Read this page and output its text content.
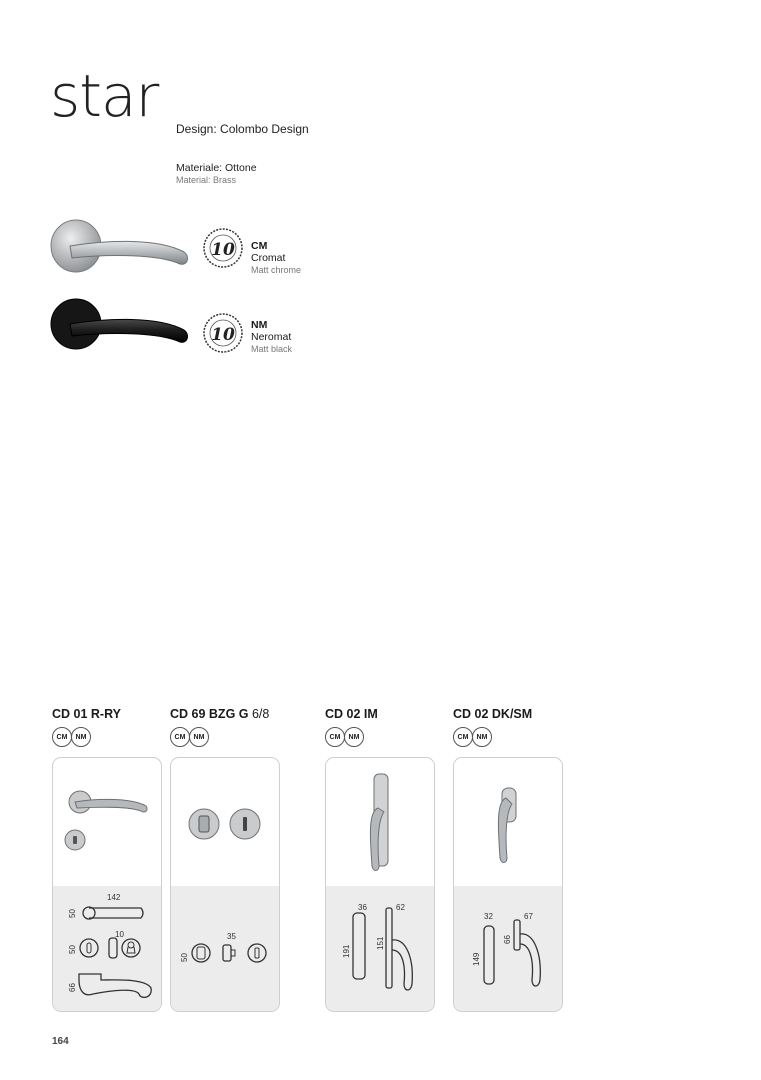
star Design: Colombo Design
Materiale: Ottone
Material: Brass
10 CM
Cromat
Matt chrome
10 NM
Neromat
Matt black
CD 01 R-RY
CM	NM
142
50
50
10
66
CD 69 BZG G 6/8
CM	NM
35
50
CD 02 IM
CM	NM
36	62
191
151
CD 02 DK/SM
CM	NM
32	67
149
66
164
